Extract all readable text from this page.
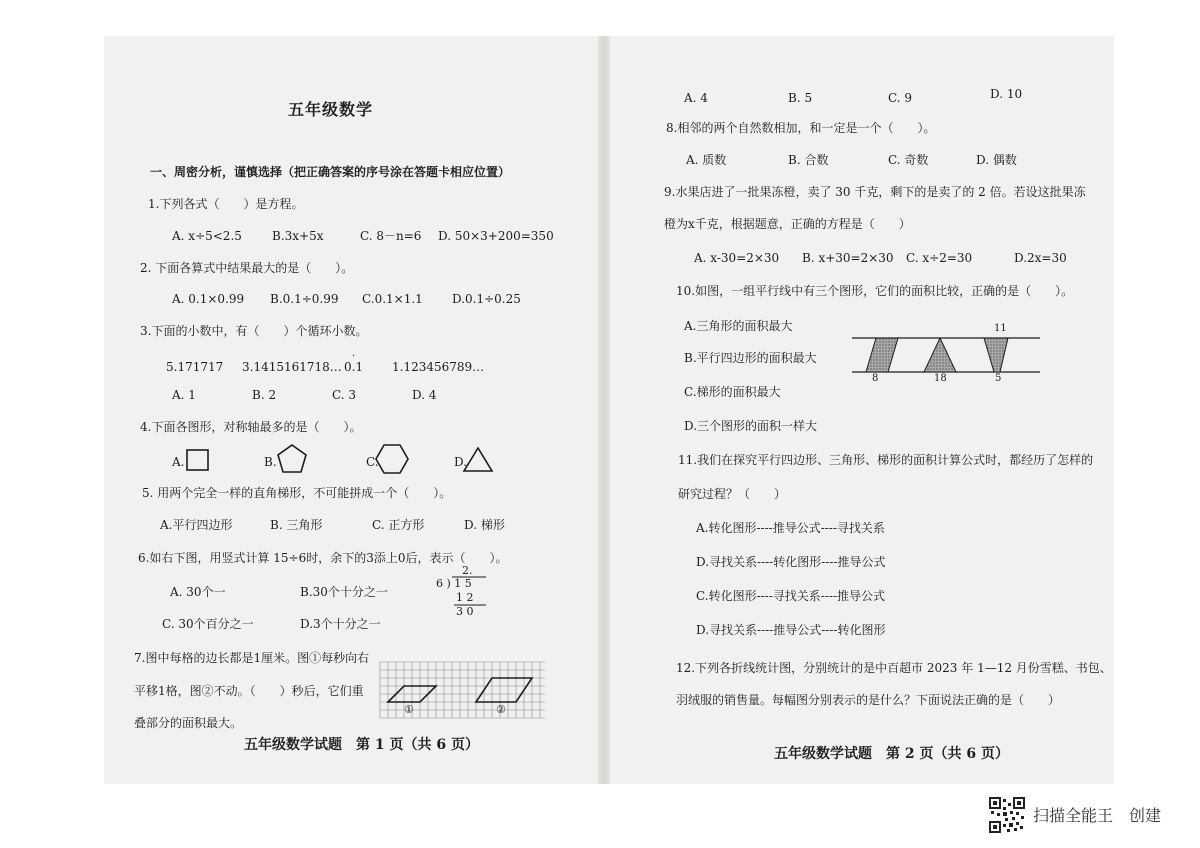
五年级数学
一、周密分析，谨慎选择（把正确答案的序号涂在答题卡相应位置）
1.下列各式（　　）是方程。
A. x÷5<2.5	B.3x+5x	C. 8－n=6 D. 50×3+200=350
2. 下面各算式中结果最大的是（　　）。
A. 0.1×0.99 B.0.1÷0.99 C.0.1×1.1 D.0.1÷0.25
3.下面的小数中，有（　　）个循环小数。
5.171717 3.1415161718… 0.1
·
1.123456789…
A. 1	B. 2	C. 3	D. 4
4.下面各图形，对称轴最多的是（　　）。
A.	B.	C.	D.
5. 用两个完全一样的直角梯形，不可能拼成一个（　　）。
A.平行四边形	B. 三角形	C. 正方形	D. 梯形
6.如右下图，用竖式计算 15÷6时，余下的3添上0后，表示（　　）。
A. 30个一	B.30个十分之一
C. 30个百分之一	D.3个十分之一
2.
6 ) 1 5
1 2
3 0
7.图中每格的边长都是1厘米。图①每秒向右
平移1格，图②不动。（　　）秒后，它们重
叠部分的面积最大。
①	②
五年级数学试题　第 1 页（共 6 页）
A. 4	B. 5	C. 9	D. 10
8.相邻的两个自然数相加，和一定是一个（　　）。
A. 质数	B. 合数	C. 奇数	D. 偶数
9.水果店进了一批果冻橙，卖了 30 千克，剩下的是卖了的 2 倍。若设这批果冻
橙为x千克，根据题意，正确的方程是（　　）
A. x-30=2×30 B. x+30=2×30 C. x÷2=30	D.2x=30
10.如图，一组平行线中有三个图形，它们的面积比较，正确的是（　　）。
A.三角形的面积最大
B.平行四边形的面积最大
C.梯形的面积最大
D.三个图形的面积一样大
11
8	18	5
11.我们在探究平行四边形、三角形、梯形的面积计算公式时，都经历了怎样的
研究过程？（　　）
A.转化图形----推导公式----寻找关系
D.寻找关系----转化图形----推导公式
C.转化图形----寻找关系----推导公式
D.寻找关系----推导公式----转化图形
12.下列各折线统计图，分别统计的是中百超市 2023 年 1—12 月份雪糕、书包、
羽绒服的销售量。每幅图分别表示的是什么？下面说法正确的是（　　）
五年级数学试题　第 2 页（共 6 页）
扫描全能王　创建
